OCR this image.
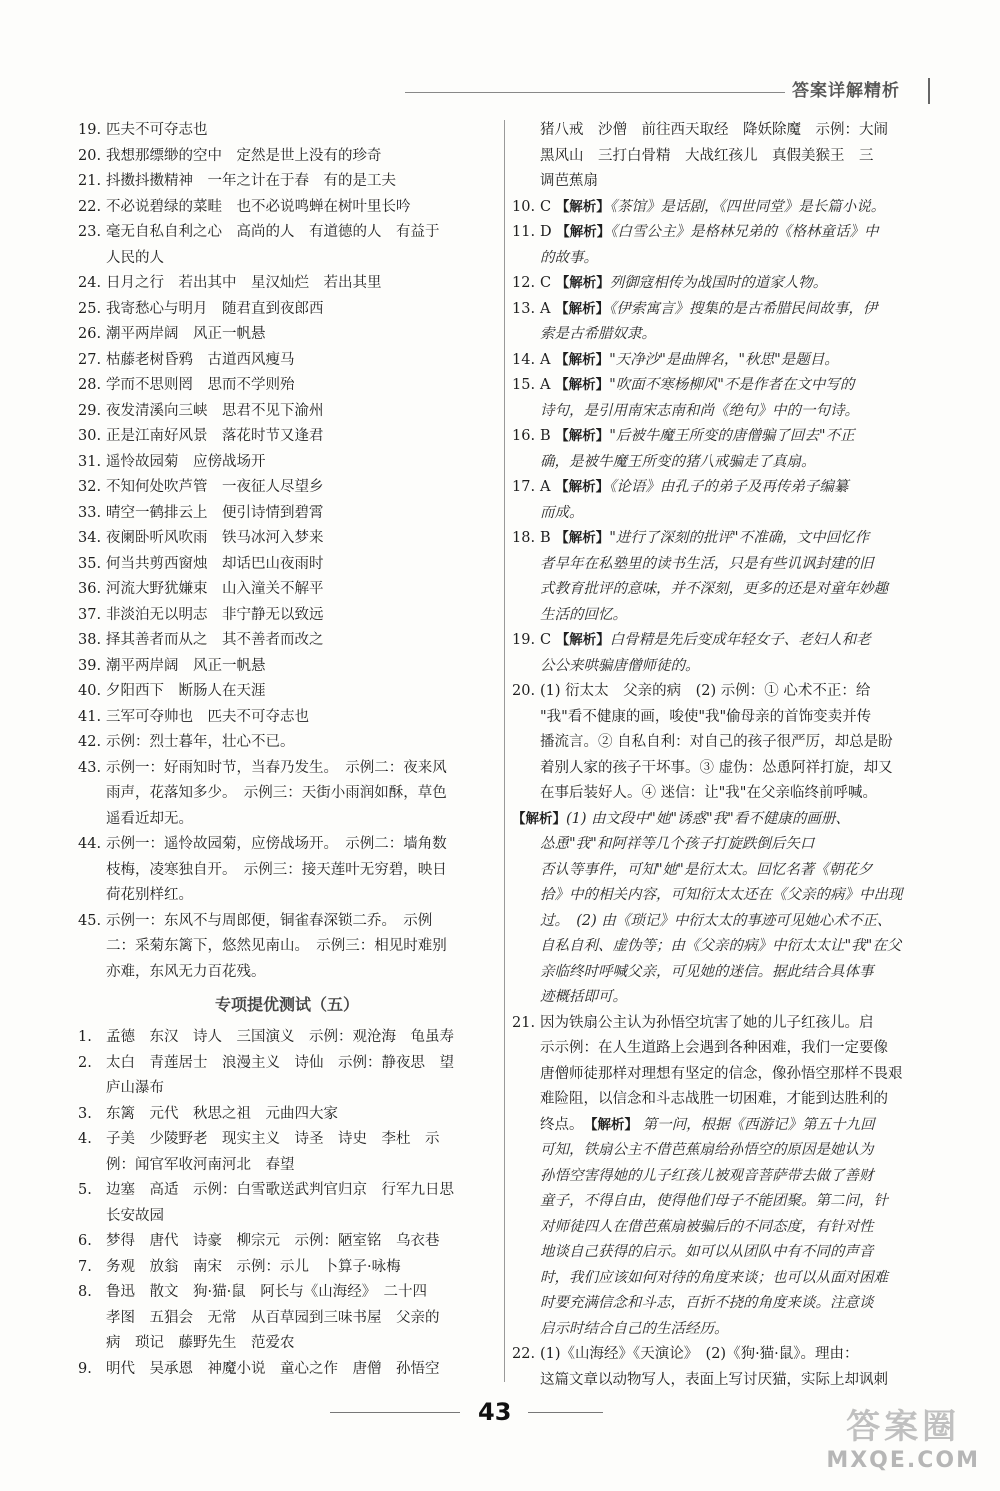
答案详解精析
19. 匹夫不可夺志也
20. 我想那缥缈的空中　定然是世上没有的珍奇
21. 抖擞抖擞精神　一年之计在于春　有的是工夫
22. 不必说碧绿的菜畦　也不必说鸣蝉在树叶里长吟
23. 毫无自私自利之心　高尚的人　有道德的人　有益于
人民的人
24. 日月之行　若出其中　星汉灿烂　若出其里
25. 我寄愁心与明月　随君直到夜郎西
26. 潮平两岸阔　风正一帆悬
27. 枯藤老树昏鸦　古道西风瘦马
28. 学而不思则罔　思而不学则殆
29. 夜发清溪向三峡　思君不见下渝州
30. 正是江南好风景　落花时节又逢君
31. 遥怜故园菊　应傍战场开
32. 不知何处吹芦管　一夜征人尽望乡
33. 晴空一鹤排云上　便引诗情到碧霄
34. 夜阑卧听风吹雨　铁马冰河入梦来
35. 何当共剪西窗烛　却话巴山夜雨时
36. 河流大野犹嫌束　山入潼关不解平
37. 非淡泊无以明志　非宁静无以致远
38. 择其善者而从之　其不善者而改之
39. 潮平两岸阔　风正一帆悬
40. 夕阳西下　断肠人在天涯
41. 三军可夺帅也　匹夫不可夺志也
42. 示例：烈士暮年，壮心不已。
43. 示例一：好雨知时节，当春乃发生。　示例二：夜来风
雨声，花落知多少。　示例三：天街小雨润如酥，草色
遥看近却无。
44. 示例一：遥怜故园菊，应傍战场开。　示例二：墙角数
枝梅，凌寒独自开。　示例三：接天莲叶无穷碧，映日
荷花别样红。
45. 示例一：东风不与周郎便，铜雀春深锁二乔。　示例
二：采菊东篱下，悠然见南山。　示例三：相见时难别
亦难，东风无力百花残。
专项提优测试（五）
1. 孟德　东汉　诗人　三国演义　示例：观沧海　龟虽寿
2. 太白　青莲居士　浪漫主义　诗仙　示例：静夜思　望
庐山瀑布
3. 东篱　元代　秋思之祖　元曲四大家
4. 子美　少陵野老　现实主义　诗圣　诗史　李杜　示
例：闻官军收河南河北　春望
5. 边塞　高适　示例：白雪歌送武判官归京　行军九日思
长安故园
6. 梦得　唐代　诗豪　柳宗元　示例：陋室铭　乌衣巷
7. 务观　放翁　南宋　示例：示儿　卜算子·咏梅
8. 鲁迅　散文　狗·猫·鼠　阿长与《山海经》　二十四
孝图　五猖会　无常　从百草园到三味书屋　父亲的
病　琐记　藤野先生　范爱农
9. 明代　吴承恩　神魔小说　童心之作　唐僧　孙悟空
猪八戒　沙僧　前往西天取经　降妖除魔　示例：大闹
黑风山　三打白骨精　大战红孩儿　真假美猴王　三
调芭蕉扇
10. C 【解析】《茶馆》是话剧，《四世同堂》是长篇小说。
11. D 【解析】《白雪公主》是格林兄弟的《格林童话》中
的故事。
12. C 【解析】列御寇相传为战国时的道家人物。
13. A 【解析】《伊索寓言》搜集的是古希腊民间故事，伊
索是古希腊奴隶。
14. A 【解析】"天净沙"是曲牌名，"秋思"是题目。
15. A 【解析】"吹面不寒杨柳风"不是作者在文中写的
诗句，是引用南宋志南和尚《绝句》中的一句诗。
16. B 【解析】"后被牛魔王所变的唐僧骗了回去"不正
确，是被牛魔王所变的猪八戒骗走了真扇。
17. A 【解析】《论语》由孔子的弟子及再传弟子编纂
而成。
18. B 【解析】"进行了深刻的批评"不准确，文中回忆作
者早年在私塾里的读书生活，只是有些讥讽封建的旧
式教育批评的意味，并不深刻，更多的还是对童年妙趣
生活的回忆。
19. C 【解析】白骨精是先后变成年轻女子、老妇人和老
公公来哄骗唐僧师徒的。
20. (1) 衍太太　父亲的病　(2) 示例：① 心术不正：给
"我"看不健康的画，唆使"我"偷母亲的首饰变卖并传
播流言。② 自私自利：对自己的孩子很严厉，却总是盼
着别人家的孩子干坏事。③ 虚伪：怂恿阿祥打旋，却又
在事后装好人。④ 迷信：让"我"在父亲临终前呼喊。
【解析】(1) 由文段中"她"诱惑"我"看不健康的画册、
怂恿"我"和阿祥等几个孩子打旋跌倒后矢口
否认等事件，可知"她"是衍太太。回忆名著《朝花夕
拾》中的相关内容，可知衍太太还在《父亲的病》中出现
过。　(2) 由《琐记》中衍太太的事迹可见她心术不正、
自私自利、虚伪等；由《父亲的病》中衍太太让"我"在父
亲临终时呼喊父亲，可见她的迷信。据此结合具体事
迹概括即可。
21. 因为铁扇公主认为孙悟空坑害了她的儿子红孩儿。启
示示例：在人生道路上会遇到各种困难，我们一定要像
唐僧师徒那样对理想有坚定的信念，像孙悟空那样不畏艰
难险阻，以信念和斗志战胜一切困难，才能到达胜利的
终点。　 【解析】 第一问，根据《西游记》第五十九回
可知，铁扇公主不借芭蕉扇给孙悟空的原因是她认为
孙悟空害得她的儿子红孩儿被观音菩萨带去做了善财
童子，不得自由，使得他们母子不能团聚。第二问，针
对师徒四人在借芭蕉扇被骗后的不同态度，有针对性
地谈自己获得的启示。如可以从团队中有不同的声音
时，我们应该如何对待的角度来谈；也可以从面对困难
时要充满信念和斗志，百折不挠的角度来谈。注意谈
启示时结合自己的生活经历。
22. (1)《山海经》《天演论》　(2)《狗·猫·鼠》。理由：
这篇文章以动物写人，表面上写讨厌猫，实际上却讽刺
43	答案圈
MXQE.COM
